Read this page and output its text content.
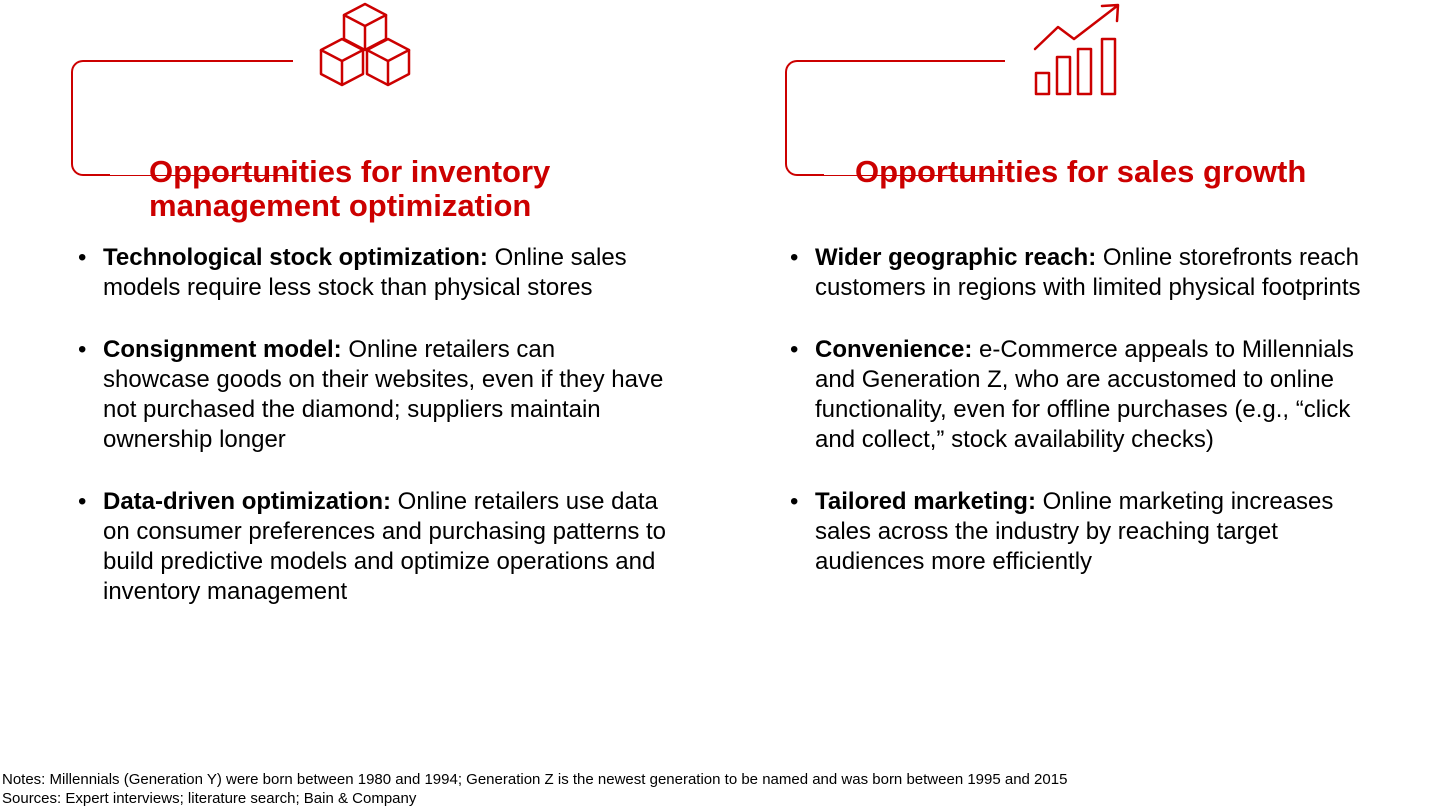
Opportunities for inventory management optimization
• Technological stock optimization: Online sales models require less stock than physical stores
• Consignment model: Online retailers can showcase goods on their websites, even if they have not purchased the diamond; suppliers maintain ownership longer
• Data-driven optimization: Online retailers use data on consumer preferences and purchasing patterns to build predictive models and optimize operations and inventory management
Opportunities for sales growth
• Wider geographic reach: Online storefronts reach customers in regions with limited physical footprints
• Convenience: e-Commerce appeals to Millennials and Generation Z, who are accustomed to online functionality, even for offline purchases (e.g., “click and collect,” stock availability checks)
• Tailored marketing: Online marketing increases sales across the industry by reaching target audiences more efficiently
Notes: Millennials (Generation Y) were born between 1980 and 1994; Generation Z is the newest generation to be named and was born between 1995 and 2015
Sources: Expert interviews; literature search; Bain & Company
